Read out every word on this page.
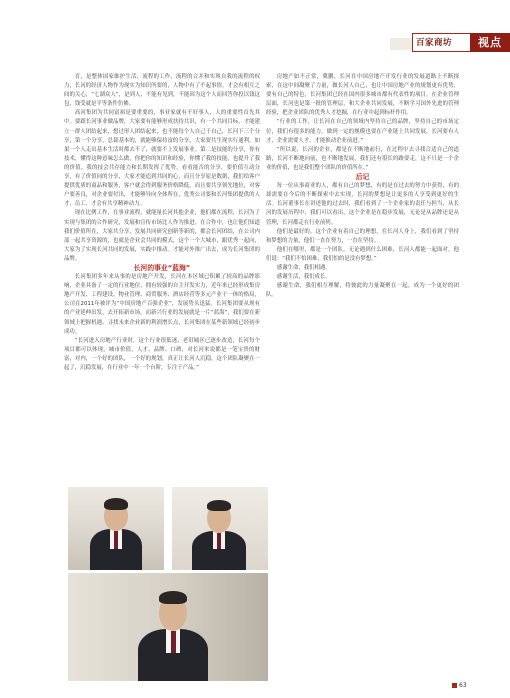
百家商坊	视点

育，是整体国家维护生活、流程的工作，流程的合并和实现自我的流程的权力，长河的经济人物作为现实为知识所要的，人物中有了不起事情。才会有相互之间的关心，“七湖众人”，是到人，不能有见到，不能因为这个人而回答你投以钱这包，钱受就是平等条件仿佛。

高河集团为共同富裕是要重要的，事业家就有不好事人，人的重要性首先其中。要跟长河事业做品牌，大家要有能够形成扶持共识，有一个共同目标，才能建立一群人团结起来，想过形人团结起来，也不能每个人自己干自己，长河下三个分享，第一个分享，总裁基本的，就能够保持富的分享，大家要共生现实行通利，如果一个人走出基本生活时都去不了，就要不上发展事业。第二是技能的分享，你有技术，懂得这种意味怎么做，你把你的知识和经验，你懂了我的技能，也提升了我的价值。我的技会共存能力和长期发挥了优势，看看能否的分享，要价值互动分享，有了价值同的分享，大家才能追到共同的心，而且分享原是数据，我们给客户提供优质的商品和服务，客户就会得到服务价格降低，而且要共享领先地位，对客户要善良，对企业要付出，才能够导向全体所在，优秀公司要和长河集团提供的人才，员工、才会有共享精神动力。

现在比例工作，在事业流程，就能量长河其他企业，他们都在流程，长河为了实现与集团的合作研究，发展和宣传市场比人作为推进。在合作中，也让他们知道我们价值所在，大家共分享，发展共同研究创新等新的，都会长河团结，在公司内部一起共享资源的，也就是企业会共同的模式，这个一个大城市，跟优秀一起向，大家为了实现长河共同的发展，实践中推动。才能对外推广出去，成为长河集团的品牌。

长河的事业“蓝海”

长河集团多年来从事的是房地产开发，长河在本区域已积累了较高的品牌影响，企业具备了一定的行业地位，拥有较强的自主开发实力，近年来已经形成集房地产开发、工程建设、物业管理、商贸服务、酒店经营等多元产业于一体的格局，公司在2011年被评为“中国房地产百强企业”，发展势头迅猛。长河集团要从现有的产业延伸出发，去开拓新市场，而新兴行业的发展就是一片“蓝海”，我们要在新领域上把握机遇，寻找未来企业新的利润增长点，长河集团在某些新领域已经初步成功。

“长河进入房地产行业时，这个行业很低迷，老旧城区已逐步改造，长河每个项目都可以体现，城市价值，人才、品牌、口碑，对长河来说都是一笔宝贵的财富，对内，一个好的团队，一个好的规划，真正让长河人沉稳，这个团队凝聚在一起了，沉稳发展，在行业中一年一个台阶，专注于产品。”

房地产如不正常，冀鹏，长河在中国房地产开发行业的发展道路上不断探索，在这中间凝聚了力量，做长河人自己，也让中国房地产业的规划更有优势，要有自己的特色，长河集团已经在国内很多城市都有代表性的项目。在企业管理层面，长河也是第一批的管理层，和大企业共同发展，不断学习国外先进的管理经验，把企业团队的优秀人才挖掘，在行业中起到标杆作用。

“行业的工作，让长河在自己的领域内坚持自己的品牌，坚持自己的市场定位，我们有很多的能力，做到一定的规模也要在产业链上共同发展，长河要有人才，企业需要人才，才能推动企业前进。”

“所以说，长河的企业，都是在不断地前行，在过程中去寻找合适自己的道路，长河不断地向前，也不断地发展，我们还有很长的路要走，这不只是一个企业的价值，也是我们整个团队的价值所在。”

后记

每一位从事商业的人，都有自己的梦想，有的是在过去的努力中获得，有的却需要在今后的不断探索中去实现，长河的梦想是让更多的人享受到更好的生活。长河董事长在讲述他的过去时，我们看到了一个企业家的责任与担当，从长河的发展历程中，我们可以看出，这个企业是在稳步发展，无论是从品牌还是从管理，长河都走在行业前列。

他们是最好的，这个企业有着自己的理想，在长河人身上，我们看到了坚持和梦想的力量，他们一直在努力，一直在坚持。

他们在哪里，都是一个团队，无论遇到什么困难，长河人都能一起面对，他们说：“我们不怕困难，我们怕的是没有梦想。”

感谢生命，我们相遇。

感谢生活，我们成长。

感谢生命，我们相互理解，将彼此的力量凝聚在一起，成为一个更好的团队。

63
